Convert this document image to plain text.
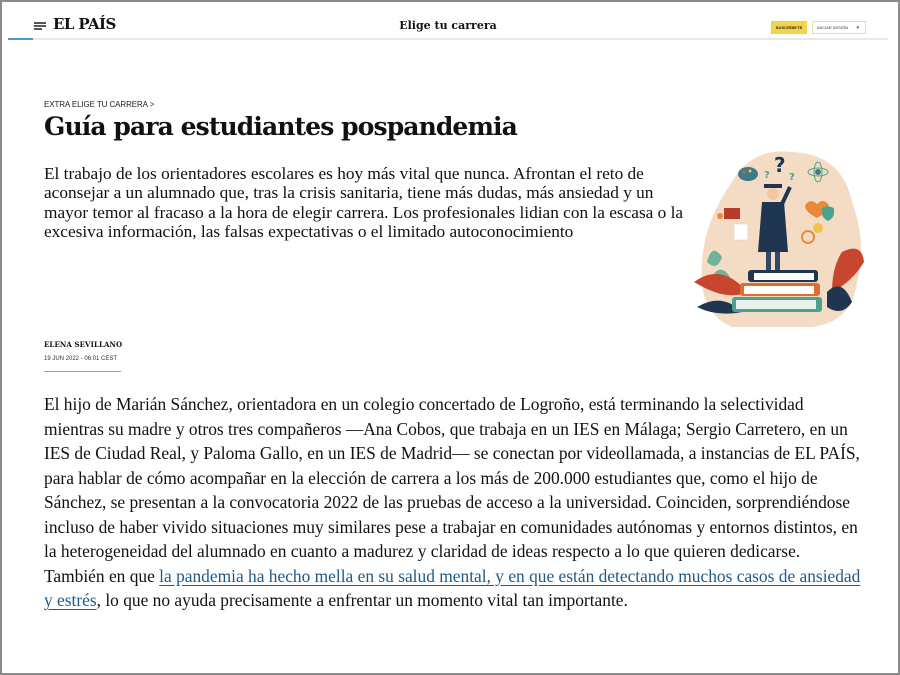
EL PAÍS	Elige tu carrera	SUSCRÍBETE	INICIAR SESIÓN ▾
EXTRA ELIGE TU CARRERA >
Guía para estudiantes pospandemia

El trabajo de los orientadores escolares es hoy más vital que nunca. Afrontan el reto de aconsejar a un alumnado que, tras la crisis sanitaria, tiene más dudas, más ansiedad y un mayor temor al fracaso a la hora de elegir carrera. Los profesionales lidian con la escasa o la excesiva información, las falsas expectativas o el limitado autoconocimiento

?
? ?
ELENA SEVILLANO
19 JUN 2022 - 06:01 CEST

El hijo de Marián Sánchez, orientadora en un colegio concertado de Logroño, está terminando la selectividad mientras su madre y otros tres compañeros —Ana Cobos, que trabaja en un IES en Málaga; Sergio Carretero, en un IES de Ciudad Real, y Paloma Gallo, en un IES de Madrid— se conectan por videollamada, a instancias de EL PAÍS, para hablar de cómo acompañar en la elección de carrera a los más de 200.000 estudiantes que, como el hijo de Sánchez, se presentan a la convocatoria 2022 de las pruebas de acceso a la universidad. Coinciden, sorprendiéndose incluso de haber vivido situaciones muy similares pese a trabajar en comunidades autónomas y entornos distintos, en la heterogeneidad del alumnado en cuanto a madurez y claridad de ideas respecto a lo que quieren dedicarse. También en que la pandemia ha hecho mella en su salud mental, y en que están detectando muchos casos de ansiedad y estrés, lo que no ayuda precisamente a enfrentar un momento vital tan importante.
